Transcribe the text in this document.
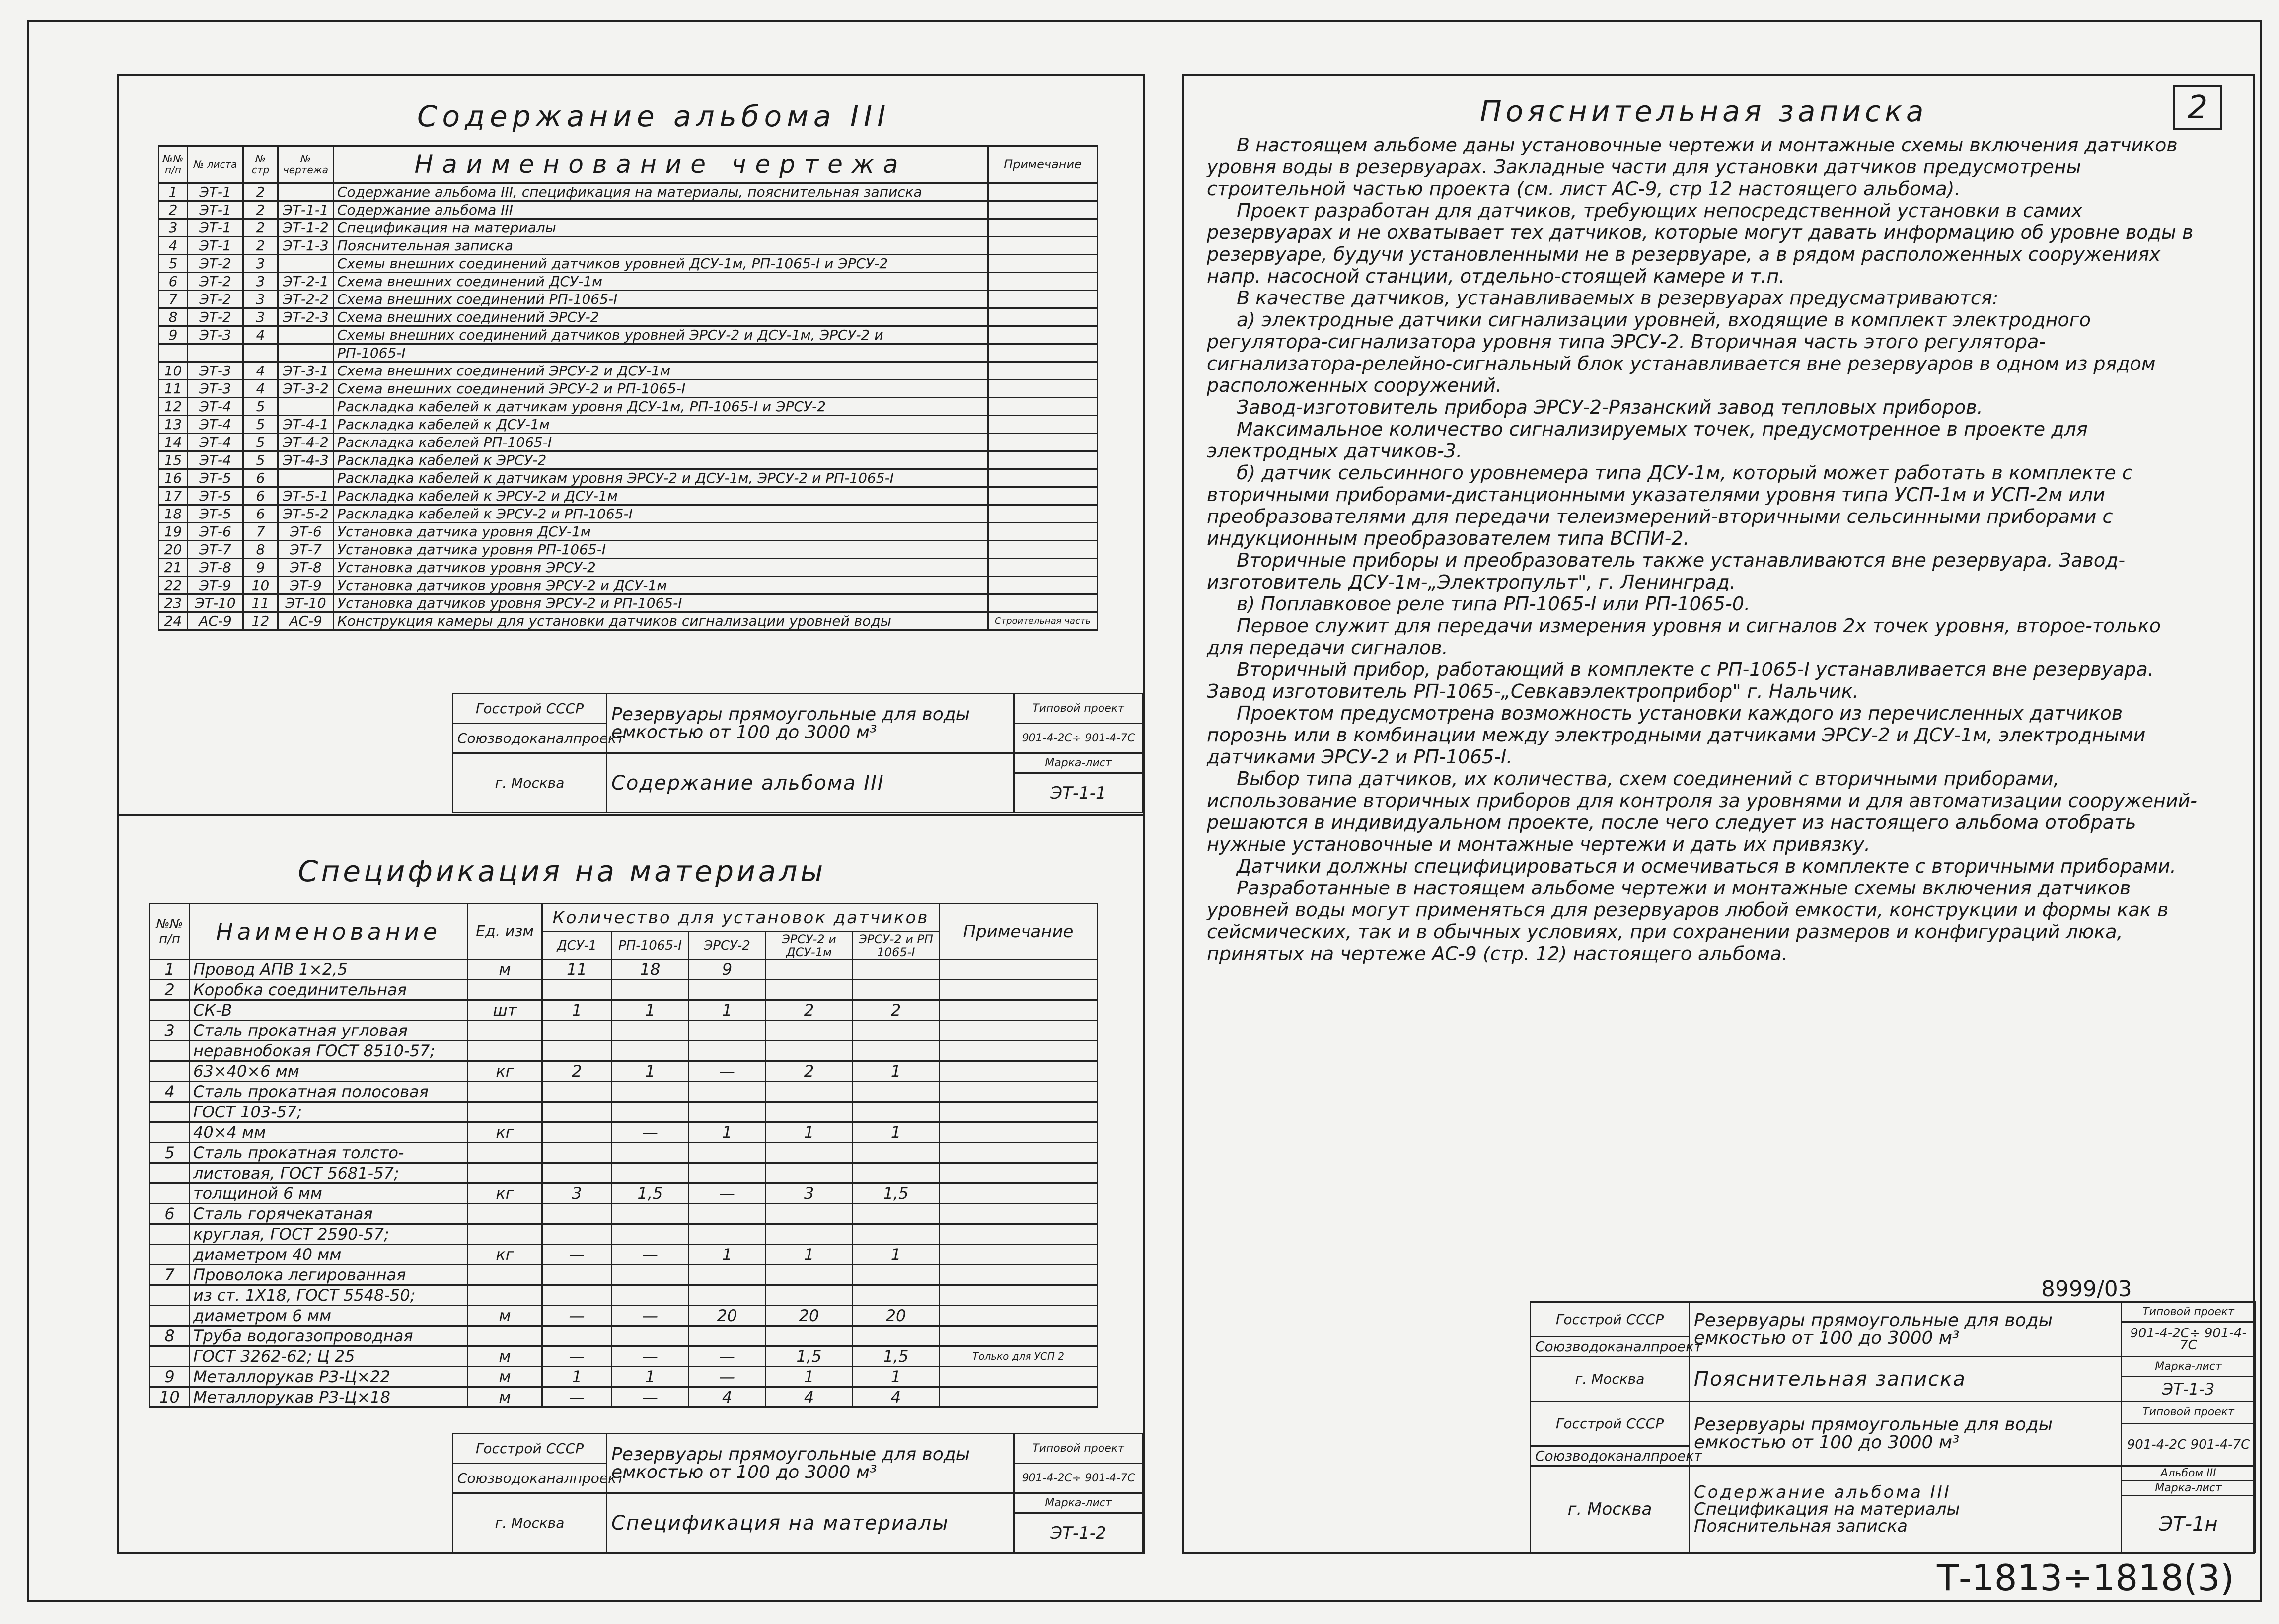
2
Содержание альбома III
№№ п/п	№ листа	№ стр	№ чертежа	Наименование чертежа	Примечание
1	ЭТ-1	2		Содержание альбома III, спецификация на материалы, пояснительная записка	
2	ЭТ-1	2	ЭТ-1-1	Содержание альбома III	
3	ЭТ-1	2	ЭТ-1-2	Спецификация на материалы	
4	ЭТ-1	2	ЭТ-1-3	Пояснительная записка	
5	ЭТ-2	3		Схемы внешних соединений датчиков уровней ДСУ-1м, РП-1065-I и ЭРСУ-2	
6	ЭТ-2	3	ЭТ-2-1	Схема внешних соединений ДСУ-1м	
7	ЭТ-2	3	ЭТ-2-2	Схема внешних соединений РП-1065-I	
8	ЭТ-2	3	ЭТ-2-3	Схема внешних соединений ЭРСУ-2	
9	ЭТ-3	4		Схемы внешних соединений датчиков уровней ЭРСУ-2 и ДСУ-1м, ЭРСУ-2 и	
				РП-1065-I	
10	ЭТ-3	4	ЭТ-3-1	Схема внешних соединений ЭРСУ-2 и ДСУ-1м	
11	ЭТ-3	4	ЭТ-3-2	Схема внешних соединений ЭРСУ-2 и РП-1065-I	
12	ЭТ-4	5		Раскладка кабелей к датчикам уровня ДСУ-1м, РП-1065-I и ЭРСУ-2	
13	ЭТ-4	5	ЭТ-4-1	Раскладка кабелей к ДСУ-1м	
14	ЭТ-4	5	ЭТ-4-2	Раскладка кабелей РП-1065-I	
15	ЭТ-4	5	ЭТ-4-3	Раскладка кабелей к ЭРСУ-2	
16	ЭТ-5	6		Раскладка кабелей к датчикам уровня ЭРСУ-2 и ДСУ-1м, ЭРСУ-2 и РП-1065-I	
17	ЭТ-5	6	ЭТ-5-1	Раскладка кабелей к ЭРСУ-2 и ДСУ-1м	
18	ЭТ-5	6	ЭТ-5-2	Раскладка кабелей к ЭРСУ-2 и РП-1065-I	
19	ЭТ-6	7	ЭТ-6	Установка датчика уровня ДСУ-1м	
20	ЭТ-7	8	ЭТ-7	Установка датчика уровня РП-1065-I	
21	ЭТ-8	9	ЭТ-8	Установка датчиков уровня ЭРСУ-2	
22	ЭТ-9	10	ЭТ-9	Установка датчиков уровня ЭРСУ-2 и ДСУ-1м	
23	ЭТ-10	11	ЭТ-10	Установка датчиков уровня ЭРСУ-2 и РП-1065-I	
24	АС-9	12	АС-9	Конструкция камеры для установки датчиков сигнализации уровней воды	Строительная часть
Госстрой СССР	Резервуары прямоугольные для воды емкостью от 100 до 3000 м³	Типовой проект
Союзводоканалпроект		901-4-2С÷ 901-4-7С
г. Москва	Содержание альбома III	Марка-лист
		ЭТ-1-1
Спецификация на материалы
№№ п/п	Наименование	Ед. изм	Количество для установок датчиков					Примечание
			ДСУ-1	РП-1065-I	ЭРСУ-2	ЭРСУ-2 и ДСУ-1м	ЭРСУ-2 и РП 1065-I	
1	Провод АПВ 1×2,5	м	11	18	9			
2	Коробка соединительная							
	СК-В	шт	1	1	1	2	2	
3	Сталь прокатная угловая							
	неравнобокая ГОСТ 8510-57;							
	63×40×6 мм	кг	2	1	—	2	1	
4	Сталь прокатная полосовая							
	ГОСТ 103-57;							
	40×4 мм	кг		—	1	1	1	
5	Сталь прокатная толсто-							
	листовая, ГОСТ 5681-57;							
	толщиной 6 мм	кг	3	1,5	—	3	1,5	
6	Сталь горячекатаная							
	круглая, ГОСТ 2590-57;							
	диаметром 40 мм	кг	—	—	1	1	1	
7	Проволока легированная							
	из ст. 1Х18, ГОСТ 5548-50;							
	диаметром 6 мм	м	—	—	20	20	20	
8	Труба водогазопроводная							
	ГОСТ 3262-62; Ц 25	м	—	—	—	1,5	1,5	Только для УСП 2
9	Металлорукав РЗ-Ц×22	м	1	1	—	1	1	
10	Металлорукав РЗ-Ц×18	м	—	—	4	4	4	
Госстрой СССР	Резервуары прямоугольные для воды емкостью от 100 до 3000 м³	Типовой проект
Союзводоканалпроект		901-4-2С÷ 901-4-7С
г. Москва	Спецификация на материалы	Марка-лист
		ЭТ-1-2
Пояснительная записка

В настоящем альбоме даны установочные чертежи и монтажные схемы включения датчиков уровня воды в резервуарах. Закладные части для установки датчиков предусмотрены строительной частью проекта (см. лист АС-9, стр 12 настоящего альбома).

Проект разработан для датчиков, требующих непосредственной установки в самих резервуарах и не охватывает тех датчиков, которые могут давать информацию об уровне воды в резервуаре, будучи установленными не в резервуаре, а в рядом расположенных сооружениях напр. насосной станции, отдельно-стоящей камере и т.п.

В качестве датчиков, устанавливаемых в резервуарах предусматриваются:

а) электродные датчики сигнализации уровней, входящие в комплект электродного регулятора-сигнализатора уровня типа ЭРСУ-2. Вторичная часть этого регулятора-сигнализатора-релейно-сигнальный блок устанавливается вне резервуаров в одном из рядом расположенных сооружений.

Завод-изготовитель прибора ЭРСУ-2-Рязанский завод тепловых приборов.

Максимальное количество сигнализируемых точек, предусмотренное в проекте для электродных датчиков-3.

б) датчик сельсинного уровнемера типа ДСУ-1м, который может работать в комплекте с вторичными приборами-дистанционными указателями уровня типа УСП-1м и УСП-2м или преобразователями для передачи телеизмерений-вторичными сельсинными приборами с индукционным преобразователем типа ВСПИ-2.

Вторичные приборы и преобразователь также устанавливаются вне резервуара. Завод-изготовитель ДСУ-1м-„Электропульт", г. Ленинград.

в) Поплавковое реле типа РП-1065-I или РП-1065-0.

Первое служит для передачи измерения уровня и сигналов 2х точек уровня, второе-только для передачи сигналов.

Вторичный прибор, работающий в комплекте с РП-1065-I устанавливается вне резервуара. Завод изготовитель РП-1065-„Севкавэлектроприбор" г. Нальчик.

Проектом предусмотрена возможность установки каждого из перечисленных датчиков порознь или в комбинации между электродными датчиками ЭРСУ-2 и ДСУ-1м, электродными датчиками ЭРСУ-2 и РП-1065-I.

Выбор типа датчиков, их количества, схем соединений с вторичными приборами, использование вторичных приборов для контроля за уровнями и для автоматизации сооружений-решаются в индивидуальном проекте, после чего следует из настоящего альбома отобрать нужные установочные и монтажные чертежи и дать их привязку.

Датчики должны специфицироваться и осмечиваться в комплекте с вторичными приборами.

Разработанные в настоящем альбоме чертежи и монтажные схемы включения датчиков уровней воды могут применяться для резервуаров любой емкости, конструкции и формы как в сейсмических, так и в обычных условиях, при сохранении размеров и конфигураций люка, принятых на чертеже АС-9 (стр. 12) настоящего альбома.

8999/03
Госстрой СССР	Резервуары прямоугольные для воды емкостью от 100 до 3000 м³	Типовой проект
		901-4-2С÷ 901-4-7С
Союзводоканалпроект		
г. Москва	Пояснительная записка	Марка-лист
		ЭТ-1-3
Госстрой СССР	Резервуары прямоугольные для воды емкостью от 100 до 3000 м³	Типовой проект
		901-4-2С 901-4-7С
Союзводоканалпроект		
г. Москва	Содержание альбома III
Спецификация на материалы
Пояснительная записка	Альбом III
		Марка-лист
		ЭТ-1н
Т-1813÷1818(3)
